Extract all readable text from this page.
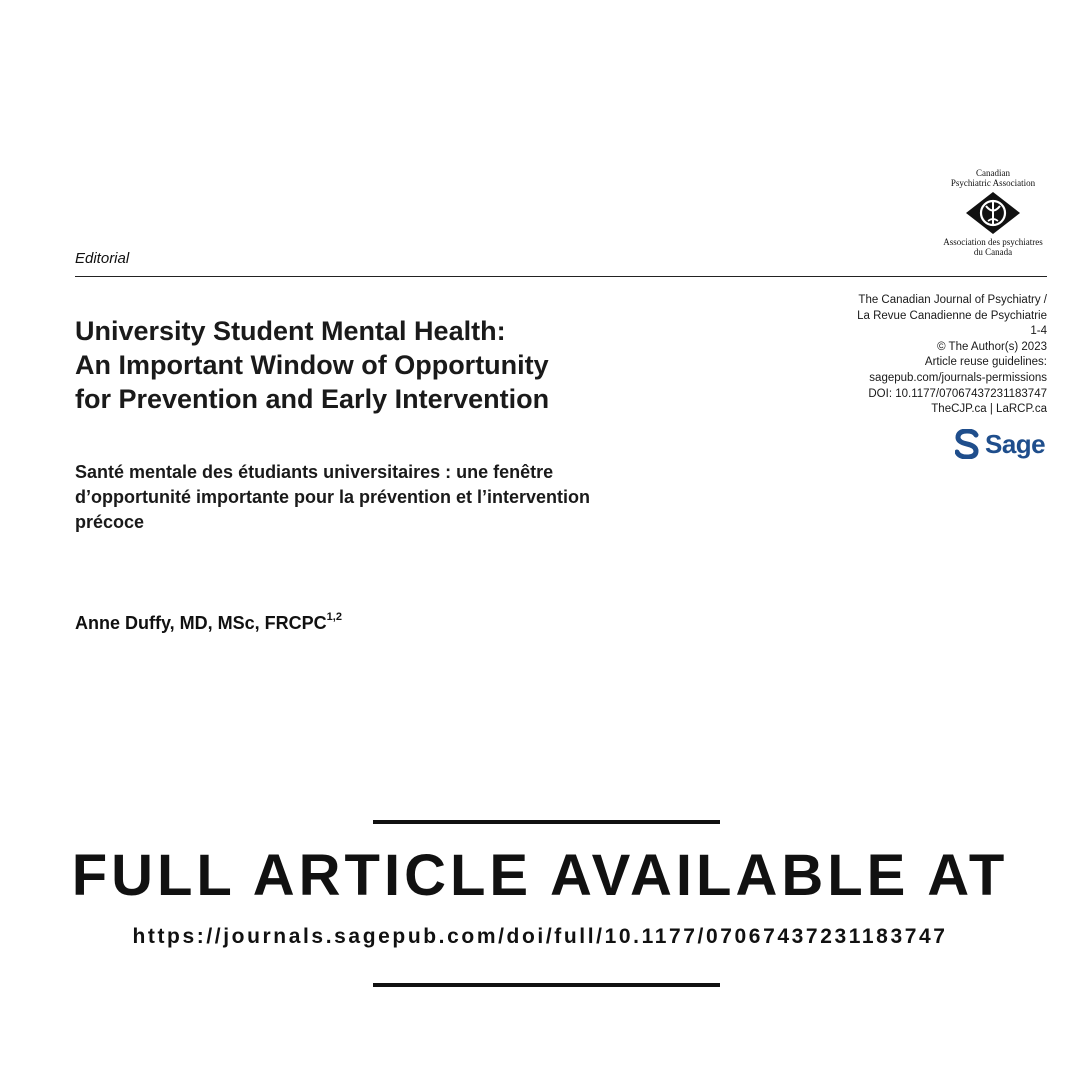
Canadian
Psychiatric Association
Association des psychiatres
du Canada
Editorial
University Student Mental Health:
An Important Window of Opportunity
for Prevention and Early Intervention
Santé mentale des étudiants universitaires : une fenêtre
d’opportunité importante pour la prévention et l’intervention
précoce
Anne Duffy, MD, MSc, FRCPC$^{1,2}$
The Canadian Journal of Psychiatry /
La Revue Canadienne de Psychiatrie
1-4
© The Author(s) 2023
Article reuse guidelines:
sagepub.com/journals-permissions
DOI: 10.1177/07067437231183747
TheCJP.ca | LaRCP.ca
Sage
FULL ARTICLE AVAILABLE AT
https://journals.sagepub.com/doi/full/10.1177/07067437231183747
